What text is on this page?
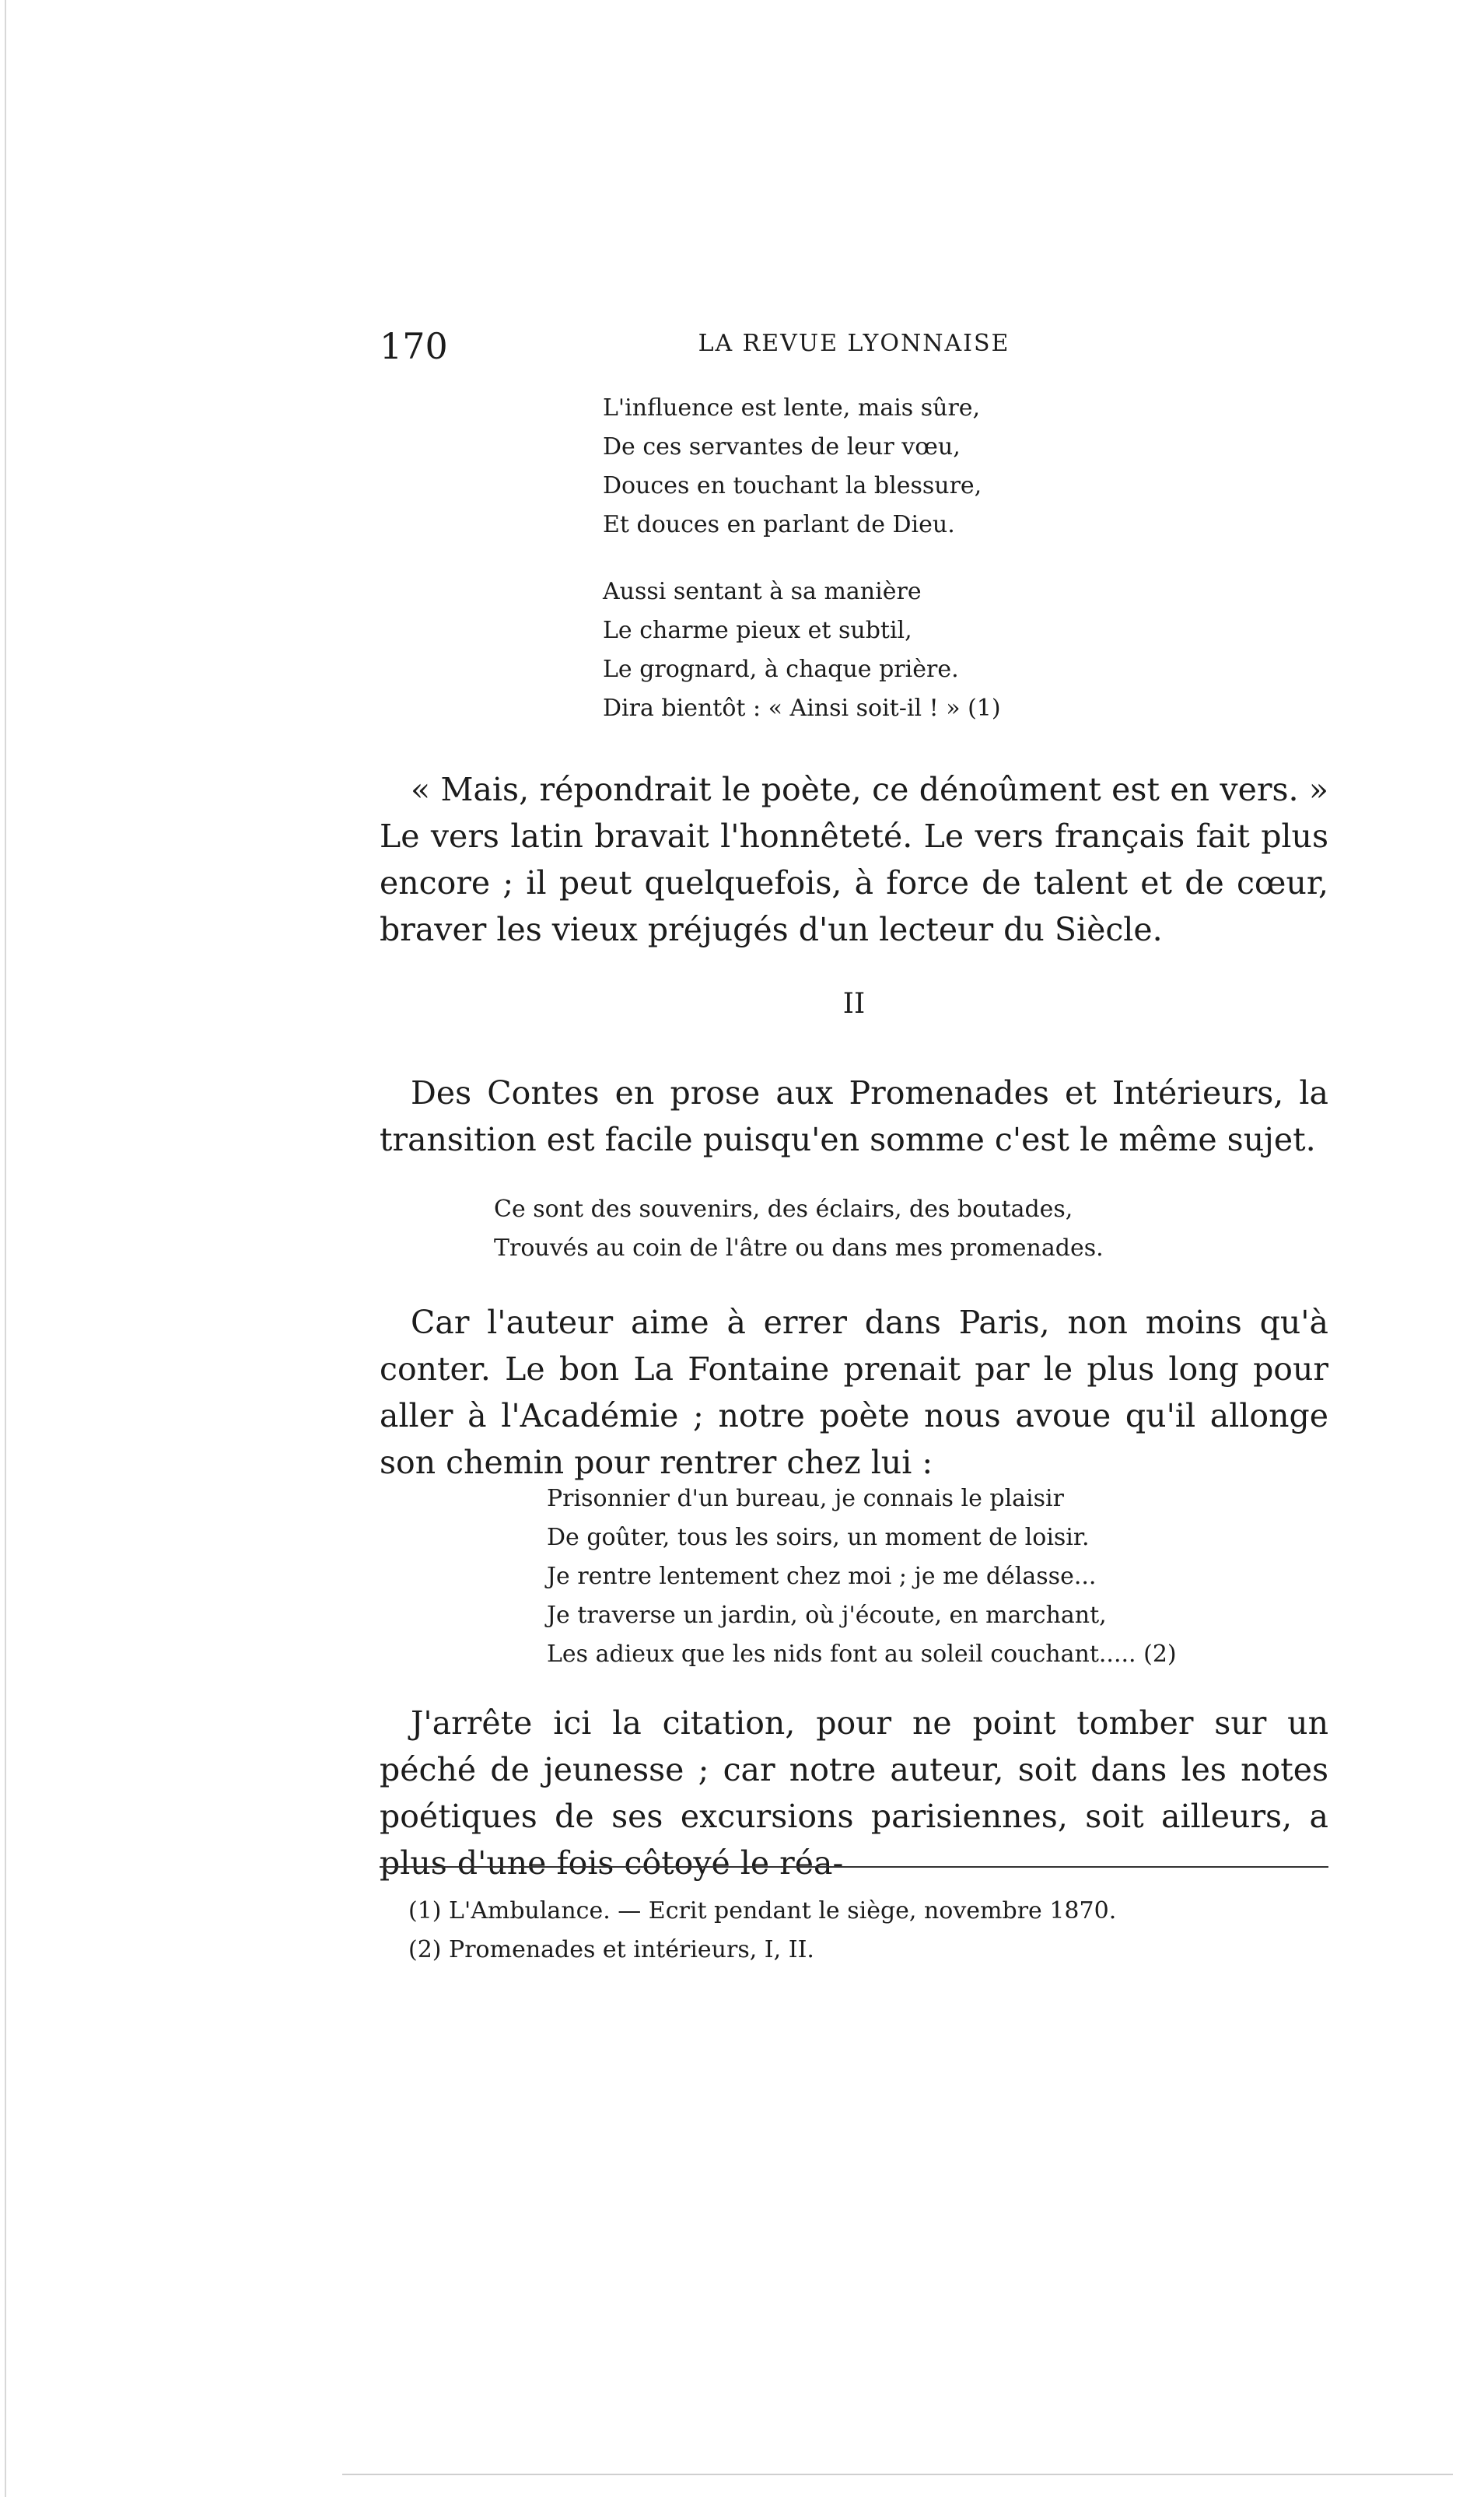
170	LA REVUE LYONNAISE
L'influence est lente, mais sûre,
De ces servantes de leur vœu,
Douces en touchant la blessure,
Et douces en parlant de Dieu.
Aussi sentant à sa manière
Le charme pieux et subtil,
Le grognard, à chaque prière.
Dira bientôt : « Ainsi soit-il ! » (1)

« Mais, répondrait le poète, ce dénoûment est en vers. » Le vers latin bravait l'honnêteté. Le vers français fait plus encore ; il peut quelquefois, à force de talent et de cœur, braver les vieux préjugés d'un lecteur du Siècle.

II

Des Contes en prose aux Promenades et Intérieurs, la transition est facile puisqu'en somme c'est le même sujet.

Ce sont des souvenirs, des éclairs, des boutades,
Trouvés au coin de l'âtre ou dans mes promenades.

Car l'auteur aime à errer dans Paris, non moins qu'à conter. Le bon La Fontaine prenait par le plus long pour aller à l'Académie ; notre poète nous avoue qu'il allonge son chemin pour rentrer chez lui :

Prisonnier d'un bureau, je connais le plaisir
De goûter, tous les soirs, un moment de loisir.
Je rentre lentement chez moi ; je me délasse...
Je traverse un jardin, où j'écoute, en marchant,
Les adieux que les nids font au soleil couchant..... (2)

J'arrête ici la citation, pour ne point tomber sur un péché de jeunesse ; car notre auteur, soit dans les notes poétiques de ses excursions parisiennes, soit ailleurs, a plus d'une fois côtoyé le réa-

(1) L'Ambulance. — Ecrit pendant le siège, novembre 1870.
(2) Promenades et intérieurs, I, II.
